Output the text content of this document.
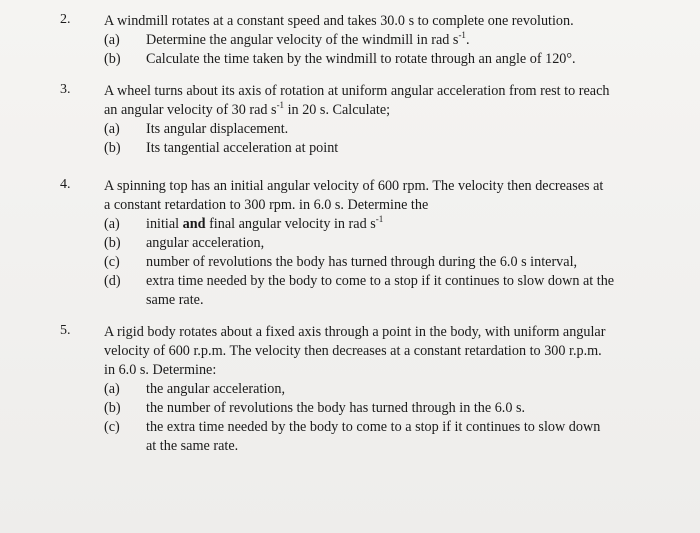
2. A windmill rotates at a constant speed and takes 30.0 s to complete one revolution.
(a)	Determine the angular velocity of the windmill in rad $s^{-1}$.
(b)	Calculate the time taken by the windmill to rotate through an angle of 120°.
3. A wheel turns about its axis of rotation at uniform angular acceleration from rest to reach
an angular velocity of 30 rad $s^{-1}$ in 20 s. Calculate;
(a)	Its angular displacement.
(b)	Its tangential acceleration at point
4. A spinning top has an initial angular velocity of 600 rpm. The velocity then decreases at
a constant retardation to 300 rpm. in 6.0 s. Determine the
(a)	initial and final angular velocity in rad $s^{-1}$
(b)	angular acceleration,
(c)	number of revolutions the body has turned through during the 6.0 s interval,
(d)	extra time needed by the body to come to a stop if it continues to slow down at the
same rate.
5. A rigid body rotates about a fixed axis through a point in the body, with uniform angular
velocity of 600 r.p.m. The velocity then decreases at a constant retardation to 300 r.p.m.
in 6.0 s. Determine:
(a)	the angular acceleration,
(b)	the number of revolutions the body has turned through in the 6.0 s.
(c)	the extra time needed by the body to come to a stop if it continues to slow down
at the same rate.
